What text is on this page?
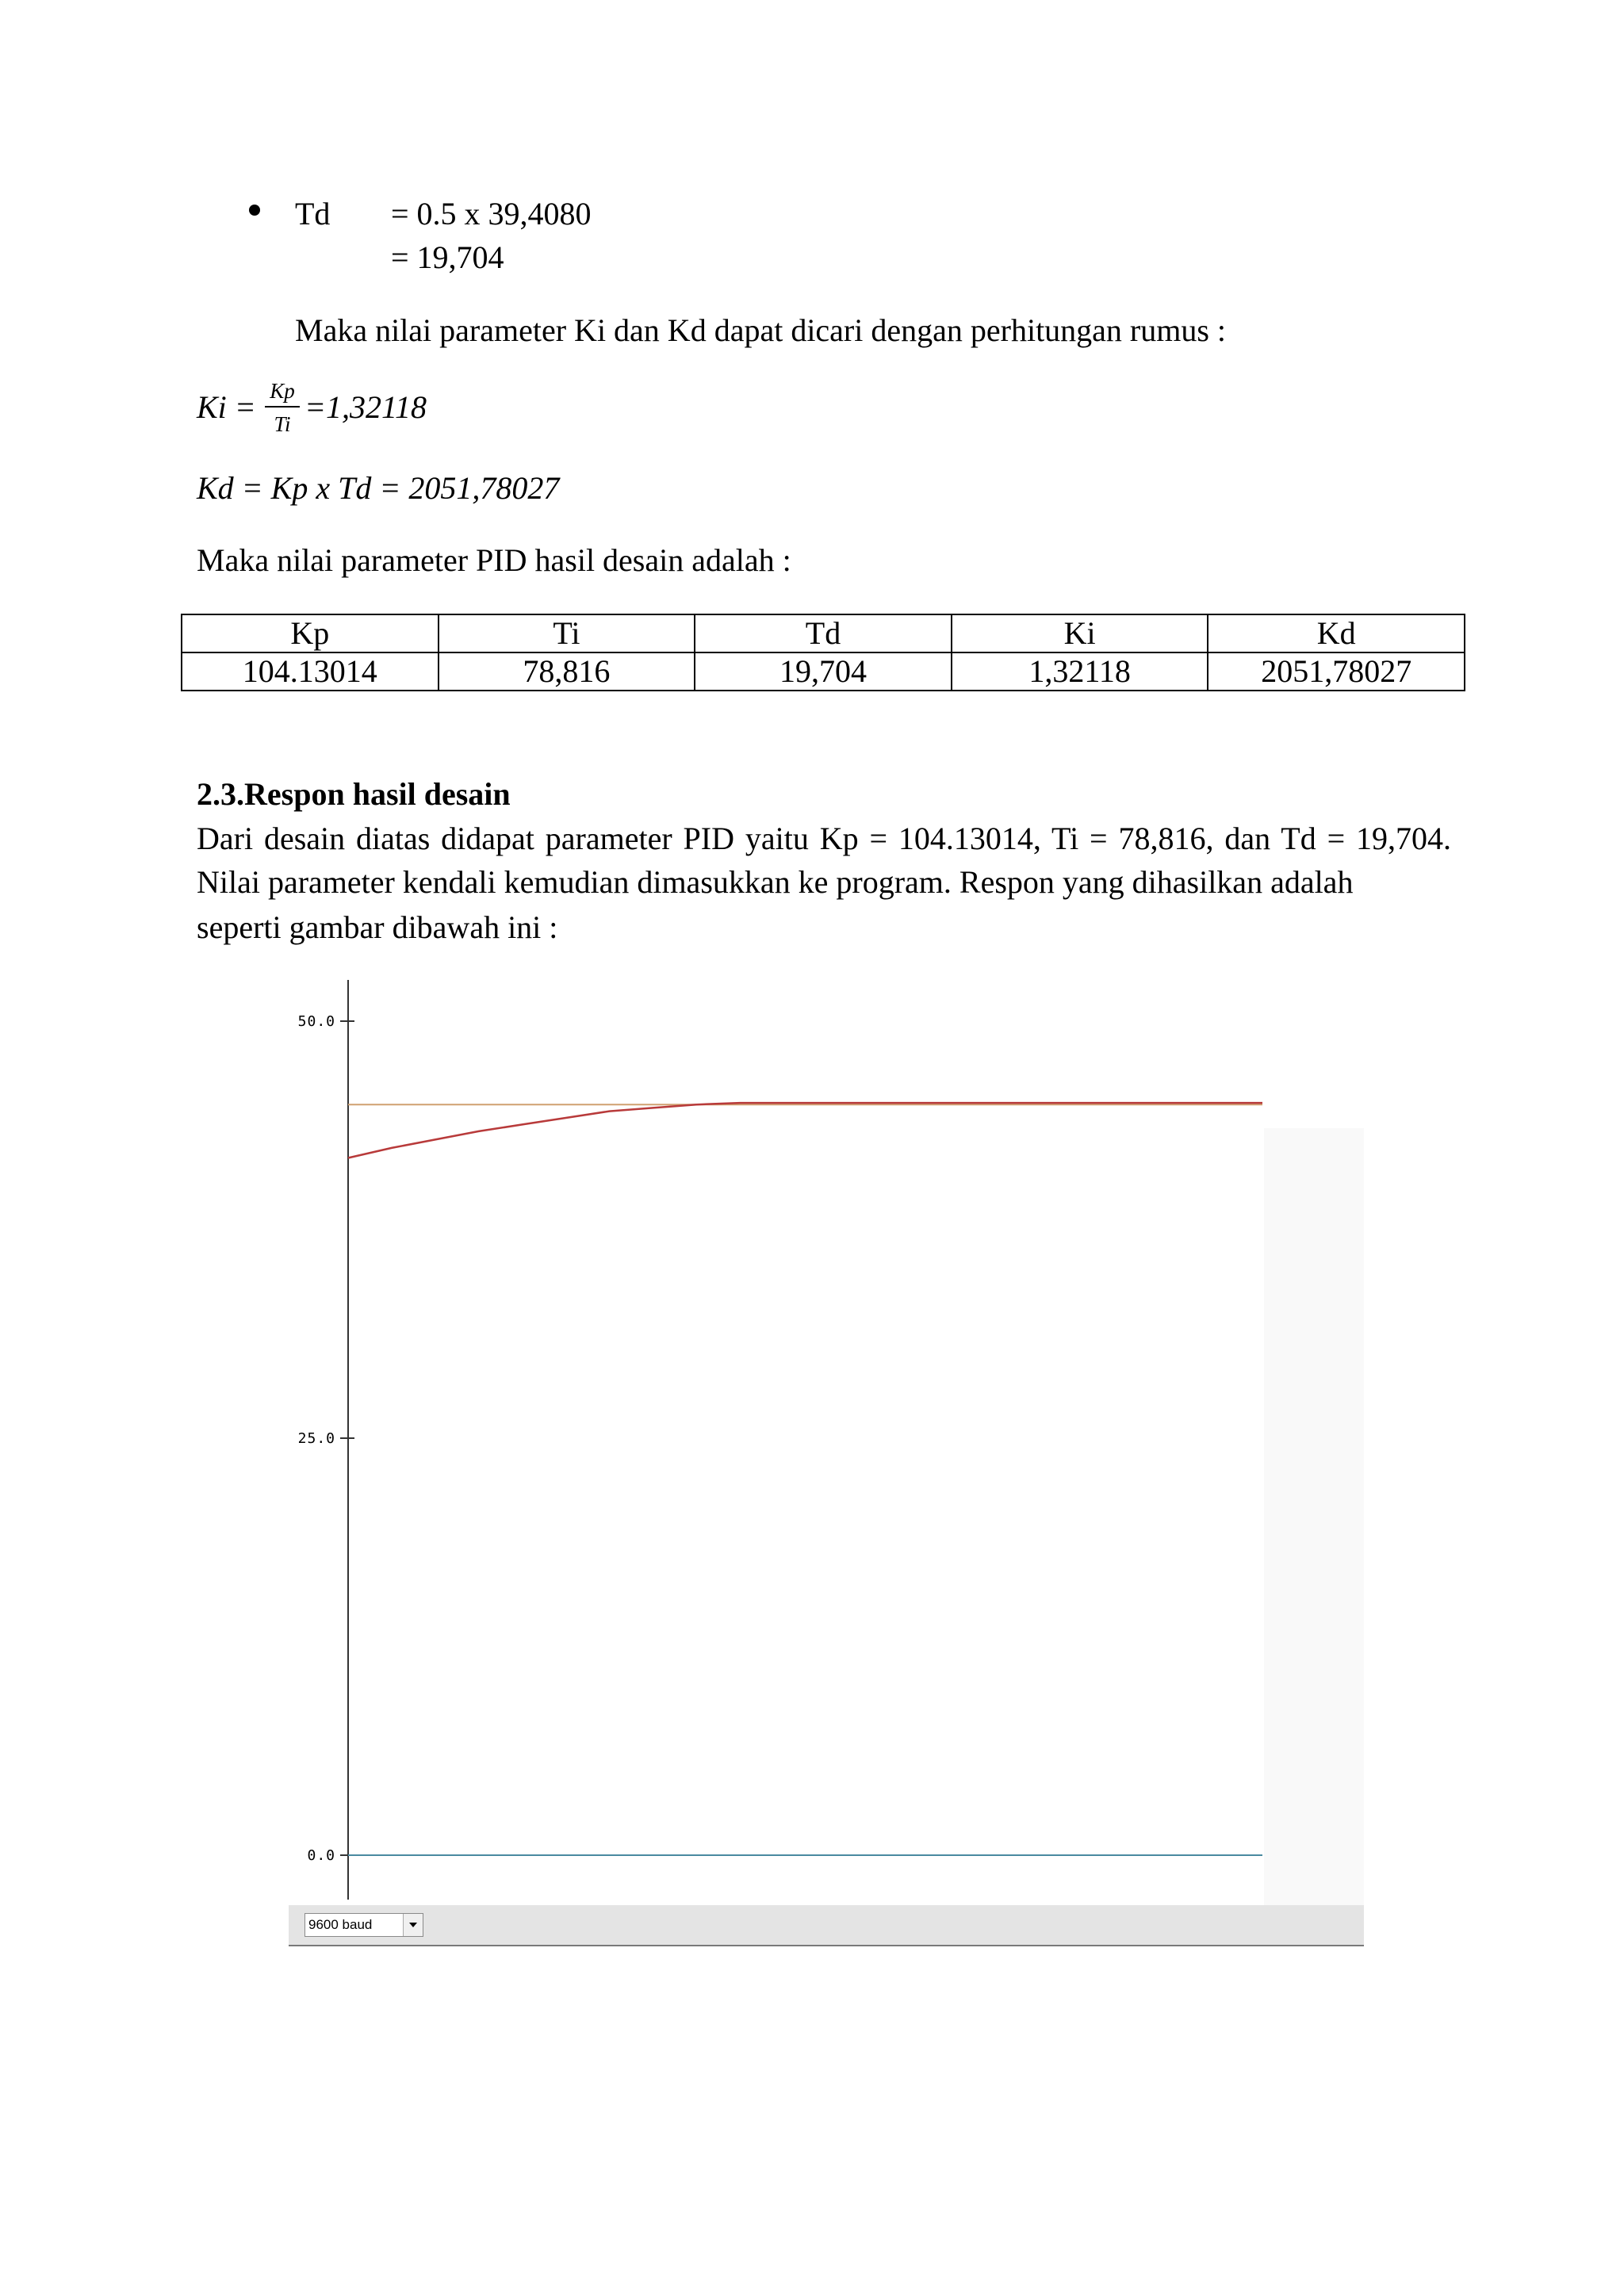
Td = 0.5 x 39,4080
= 19,704
Maka nilai parameter Ki dan Kd dapat dicari dengan perhitungan rumus :
Ki = Kp
Ti =1,32118
Kd = Kp x Td = 2051,78027
Maka nilai parameter PID hasil desain adalah :
Kp	Ti	Td	Ki	Kd
104.13014	78,816	19,704	1,32118	2051,78027
2.3.Respon hasil desain
Dari desain diatas didapat parameter PID yaitu Kp = 104.13014, Ti = 78,816, dan Td = 19,704. Nilai parameter kendali kemudian dimasukkan ke program. Respon yang dihasilkan adalah
seperti gambar dibawah ini :
50.0
25.0
0.0
9600 baud
